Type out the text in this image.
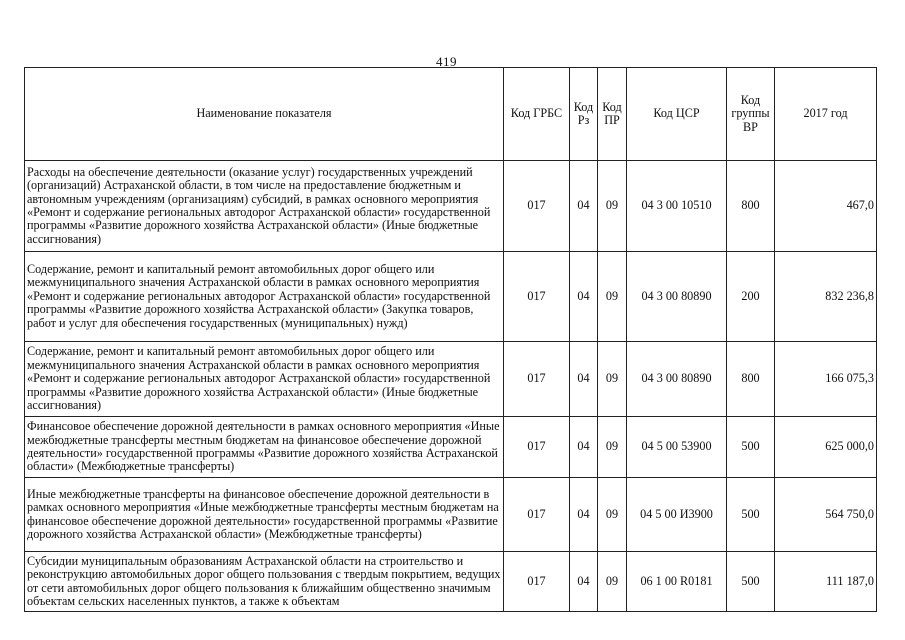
419
Наименование показателя	Код ГРБС	Код Рз	Код ПР	Код ЦСР	Код группы ВР	2017 год
Расходы на обеспечение деятельности (оказание услуг) государственных учреждений (организаций) Астраханской области, в том числе на предоставление бюджетным и автономным учреждениям (организациям) субсидий, в рамках основного мероприятия «Ремонт и содержание региональных автодорог Астраханской области» государственной программы «Развитие дорожного хозяйства Астраханской области» (Иные бюджетные ассигнования)	017	04	09	04 3 00 10510	800	467,0
Содержание, ремонт и капитальный ремонт автомобильных дорог общего или межмуниципального значения Астраханской области в рамках основного мероприятия «Ремонт и содержание региональных автодорог Астраханской области» государственной программы «Развитие дорожного хозяйства Астраханской области» (Закупка товаров, работ и услуг для обеспечения государственных (муниципальных) нужд)	017	04	09	04 3 00 80890	200	832 236,8
Содержание, ремонт и капитальный ремонт автомобильных дорог общего или межмуниципального значения Астраханской области в рамках основного мероприятия «Ремонт и содержание региональных автодорог Астраханской области» государственной программы «Развитие дорожного хозяйства Астраханской области» (Иные бюджетные ассигнования)	017	04	09	04 3 00 80890	800	166 075,3
Финансовое обеспечение дорожной деятельности в рамках основного мероприятия «Иные межбюджетные трансферты местным бюджетам на финансовое обеспечение дорожной деятельности» государственной программы «Развитие дорожного хозяйства Астраханской области» (Межбюджетные трансферты)	017	04	09	04 5 00 53900	500	625 000,0
Иные межбюджетные трансферты на финансовое обеспечение дорожной деятельности в рамках основного мероприятия «Иные межбюджетные трансферты местным бюджетам на финансовое обеспечение дорожной деятельности» государственной программы «Развитие дорожного хозяйства Астраханской области» (Межбюджетные трансферты)	017	04	09	04 5 00 И3900	500	564 750,0
Субсидии муниципальным образованиям Астраханской области на строительство и реконструкцию автомобильных дорог общего пользования с твердым покрытием, ведущих от сети автомобильных дорог общего пользования к ближайшим общественно значимым объектам сельских населенных пунктов, а также к объектам	017	04	09	06 1 00 R0181	500	111 187,0
